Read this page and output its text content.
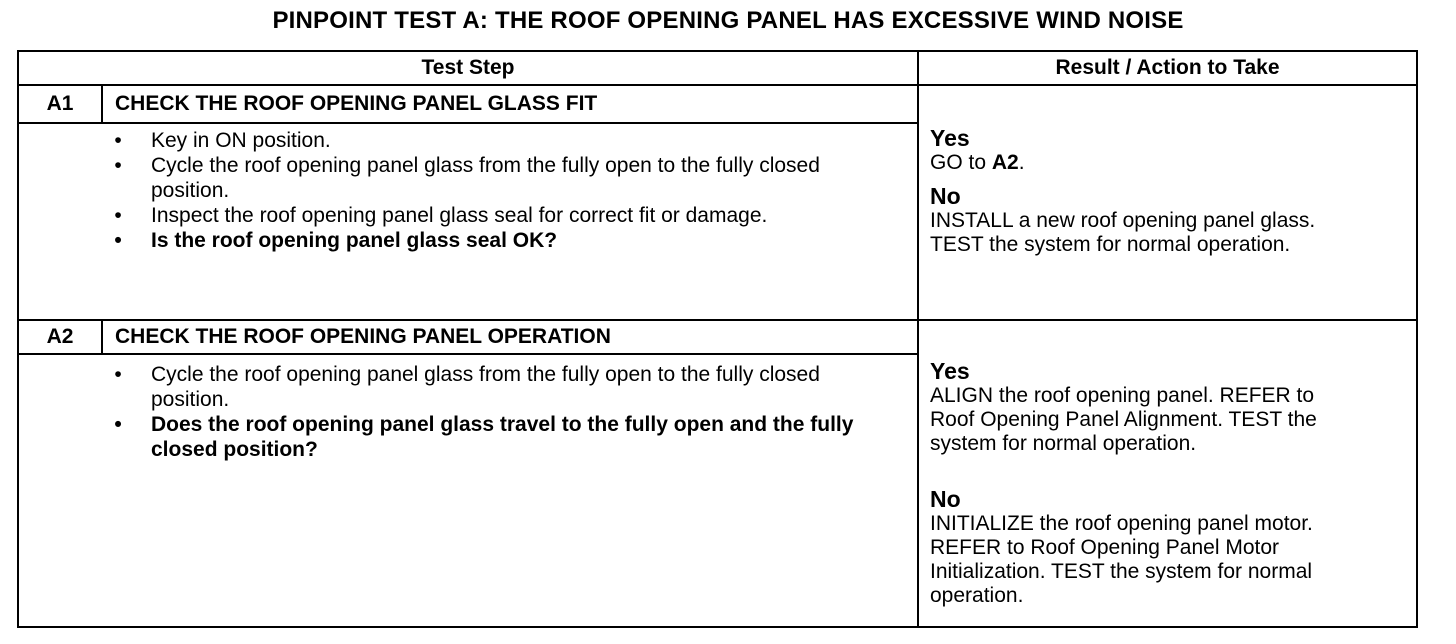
PINPOINT TEST A: THE ROOF OPENING PANEL HAS EXCESSIVE WIND NOISE
Test Step	Result / Action to Take
A1	CHECK THE ROOF OPENING PANEL GLASS FIT
• Key in ON position.
• Cycle the roof opening panel glass from the fully open to the fully closed position.
• Inspect the roof opening panel glass seal for correct fit or damage.
• Is the roof opening panel glass seal OK?
Yes
GO to A2.
No
INSTALL a new roof opening panel glass.
TEST the system for normal operation.
A2	CHECK THE ROOF OPENING PANEL OPERATION
• Cycle the roof opening panel glass from the fully open to the fully closed position.
• Does the roof opening panel glass travel to the fully open and the fully closed position?
Yes
ALIGN the roof opening panel. REFER to
Roof Opening Panel Alignment. TEST the
system for normal operation.
No
INITIALIZE the roof opening panel motor.
REFER to Roof Opening Panel Motor
Initialization. TEST the system for normal
operation.
